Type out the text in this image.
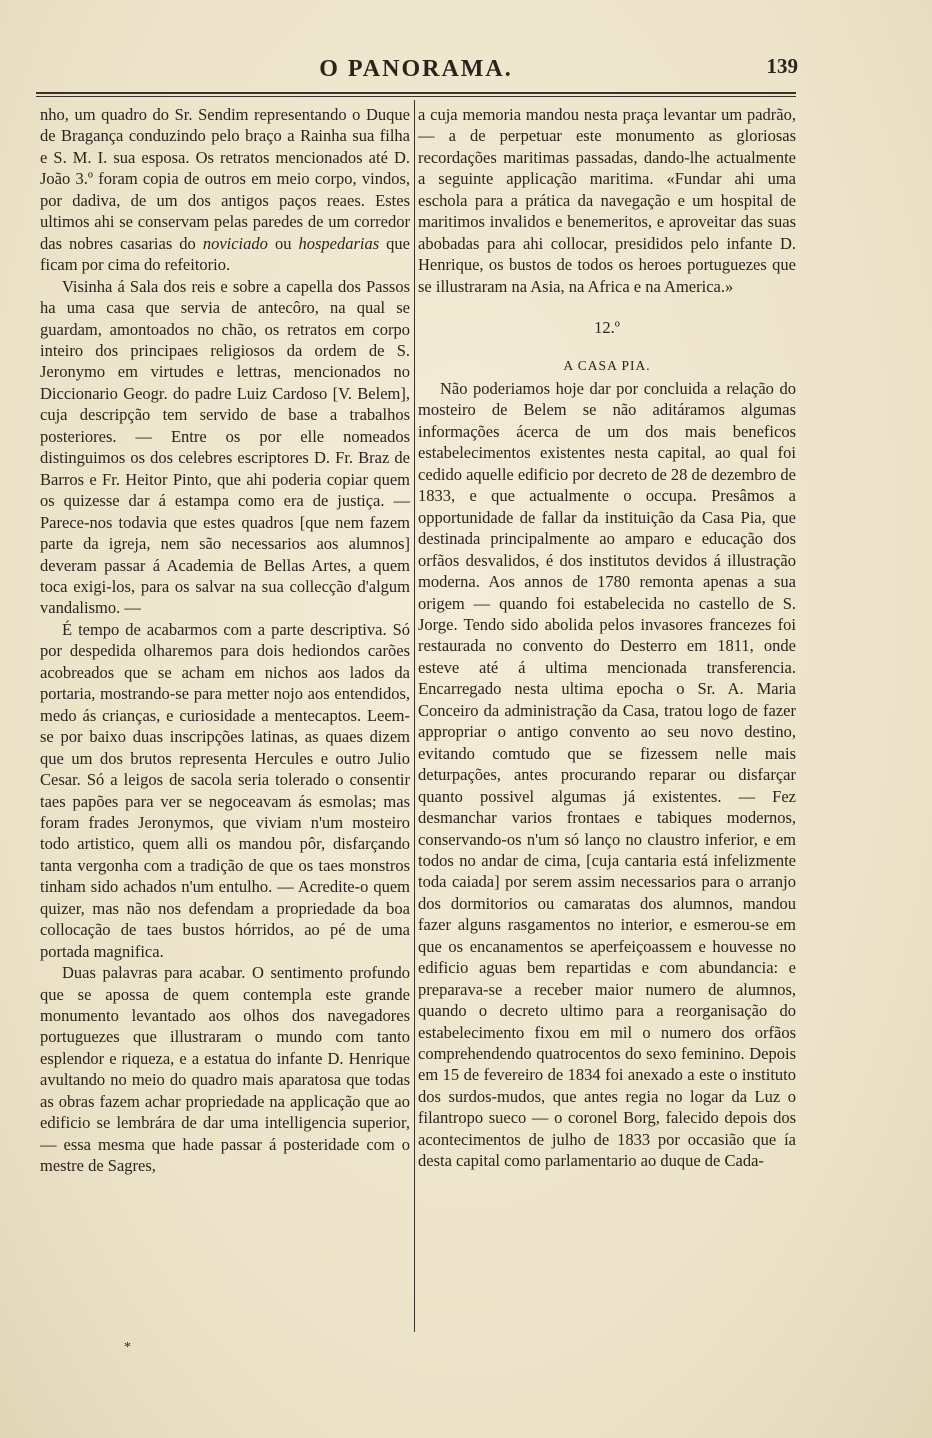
O PANORAMA.	139

nho, um quadro do Sr. Sendim representando o Duque de Bragança conduzindo pelo braço a Rainha sua filha e S. M. I. sua esposa. Os retratos mencionados até D. João 3.º foram copia de outros em meio corpo, vindos, por dadiva, de um dos antigos paços reaes. Estes ultimos ahi se conservam pelas paredes de um corredor das nobres casarias do noviciado ou hospedarias que ficam por cima do refeitorio.

Visinha á Sala dos reis e sobre a capella dos Passos ha uma casa que servia de antecôro, na qual se guardam, amontoados no chão, os retratos em corpo inteiro dos principaes religiosos da ordem de S. Jeronymo em virtudes e lettras, mencionados no Diccionario Geogr. do padre Luiz Cardoso [V. Belem], cuja descripção tem servido de base a trabalhos posteriores. — Entre os por elle nomeados distinguimos os dos celebres escriptores D. Fr. Braz de Barros e Fr. Heitor Pinto, que ahi poderia copiar quem os quizesse dar á estampa como era de justiça. — Parece-nos todavia que estes quadros [que nem fazem parte da igreja, nem são necessarios aos alumnos] deveram passar á Academia de Bellas Artes, a quem toca exigi-los, para os salvar na sua collecção d'algum vandalismo. —

É tempo de acabarmos com a parte descriptiva. Só por despedida olharemos para dois hediondos carões acobreados que se acham em nichos aos lados da portaria, mostrando-se para metter nojo aos entendidos, medo ás crianças, e curiosidade a mentecaptos. Leem-se por baixo duas inscripções latinas, as quaes dizem que um dos brutos representa Hercules e outro Julio Cesar. Só a leigos de sacola seria tolerado o consentir taes papões para ver se negoceavam ás esmolas; mas foram frades Jeronymos, que viviam n'um mosteiro todo artistico, quem alli os mandou pôr, disfarçando tanta vergonha com a tradição de que os taes monstros tinham sido achados n'um entulho. — Acredite-o quem quizer, mas não nos defendam a propriedade da boa collocação de taes bustos hórridos, ao pé de uma portada magnifica.

Duas palavras para acabar. O sentimento profundo que se apossa de quem contempla este grande monumento levantado aos olhos dos navegadores portuguezes que illustraram o mundo com tanto esplendor e riqueza, e a estatua do infante D. Henrique avultando no meio do quadro mais aparatosa que todas as obras fazem achar propriedade na applicação que ao edificio se lembrára de dar uma intelligencia superior, — essa mesma que hade passar á posteridade com o mestre de Sagres,

a cuja memoria mandou nesta praça levantar um padrão, — a de perpetuar este monumento as gloriosas recordações maritimas passadas, dando-lhe actualmente a seguinte applicação maritima. «Fundar ahi uma eschola para a prática da navegação e um hospital de maritimos invalidos e benemeritos, e aproveitar das suas abobadas para ahi collocar, presididos pelo infante D. Henrique, os bustos de todos os heroes portuguezes que se illustraram na Asia, na Africa e na America.»

12.º
A CASA PIA.

Não poderiamos hoje dar por concluida a relação do mosteiro de Belem se não aditáramos algumas informações ácerca de um dos mais beneficos estabelecimentos existentes nesta capital, ao qual foi cedido aquelle edificio por decreto de 28 de dezembro de 1833, e que actualmente o occupa. Presâmos a opportunidade de fallar da instituição da Casa Pia, que destinada principalmente ao amparo e educação dos orfãos desvalidos, é dos institutos devidos á illustração moderna. Aos annos de 1780 remonta apenas a sua origem — quando foi estabelecida no castello de S. Jorge. Tendo sido abolida pelos invasores francezes foi restaurada no convento do Desterro em 1811, onde esteve até á ultima mencionada transferencia. Encarregado nesta ultima epocha o Sr. A. Maria Conceiro da administração da Casa, tratou logo de fazer appropriar o antigo convento ao seu novo destino, evitando comtudo que se fizessem nelle mais deturpações, antes procurando reparar ou disfarçar quanto possivel algumas já existentes. — Fez desmanchar varios frontaes e tabiques modernos, conservando-os n'um só lanço no claustro inferior, e em todos no andar de cima, [cuja cantaria está infelizmente toda caiada] por serem assim necessarios para o arranjo dos dormitorios ou camaratas dos alumnos, mandou fazer alguns rasgamentos no interior, e esmerou-se em que os encanamentos se aperfeiçoassem e houvesse no edificio aguas bem repartidas e com abundancia: e preparava-se a receber maior numero de alumnos, quando o decreto ultimo para a reorganisação do estabelecimento fixou em mil o numero dos orfãos comprehendendo quatrocentos do sexo feminino. Depois em 15 de fevereiro de 1834 foi anexado a este o instituto dos surdos-mudos, que antes regia no logar da Luz o filantropo sueco — o coronel Borg, falecido depois dos acontecimentos de julho de 1833 por occasião que ía desta capital como parlamentario ao duque de Cada-

*
